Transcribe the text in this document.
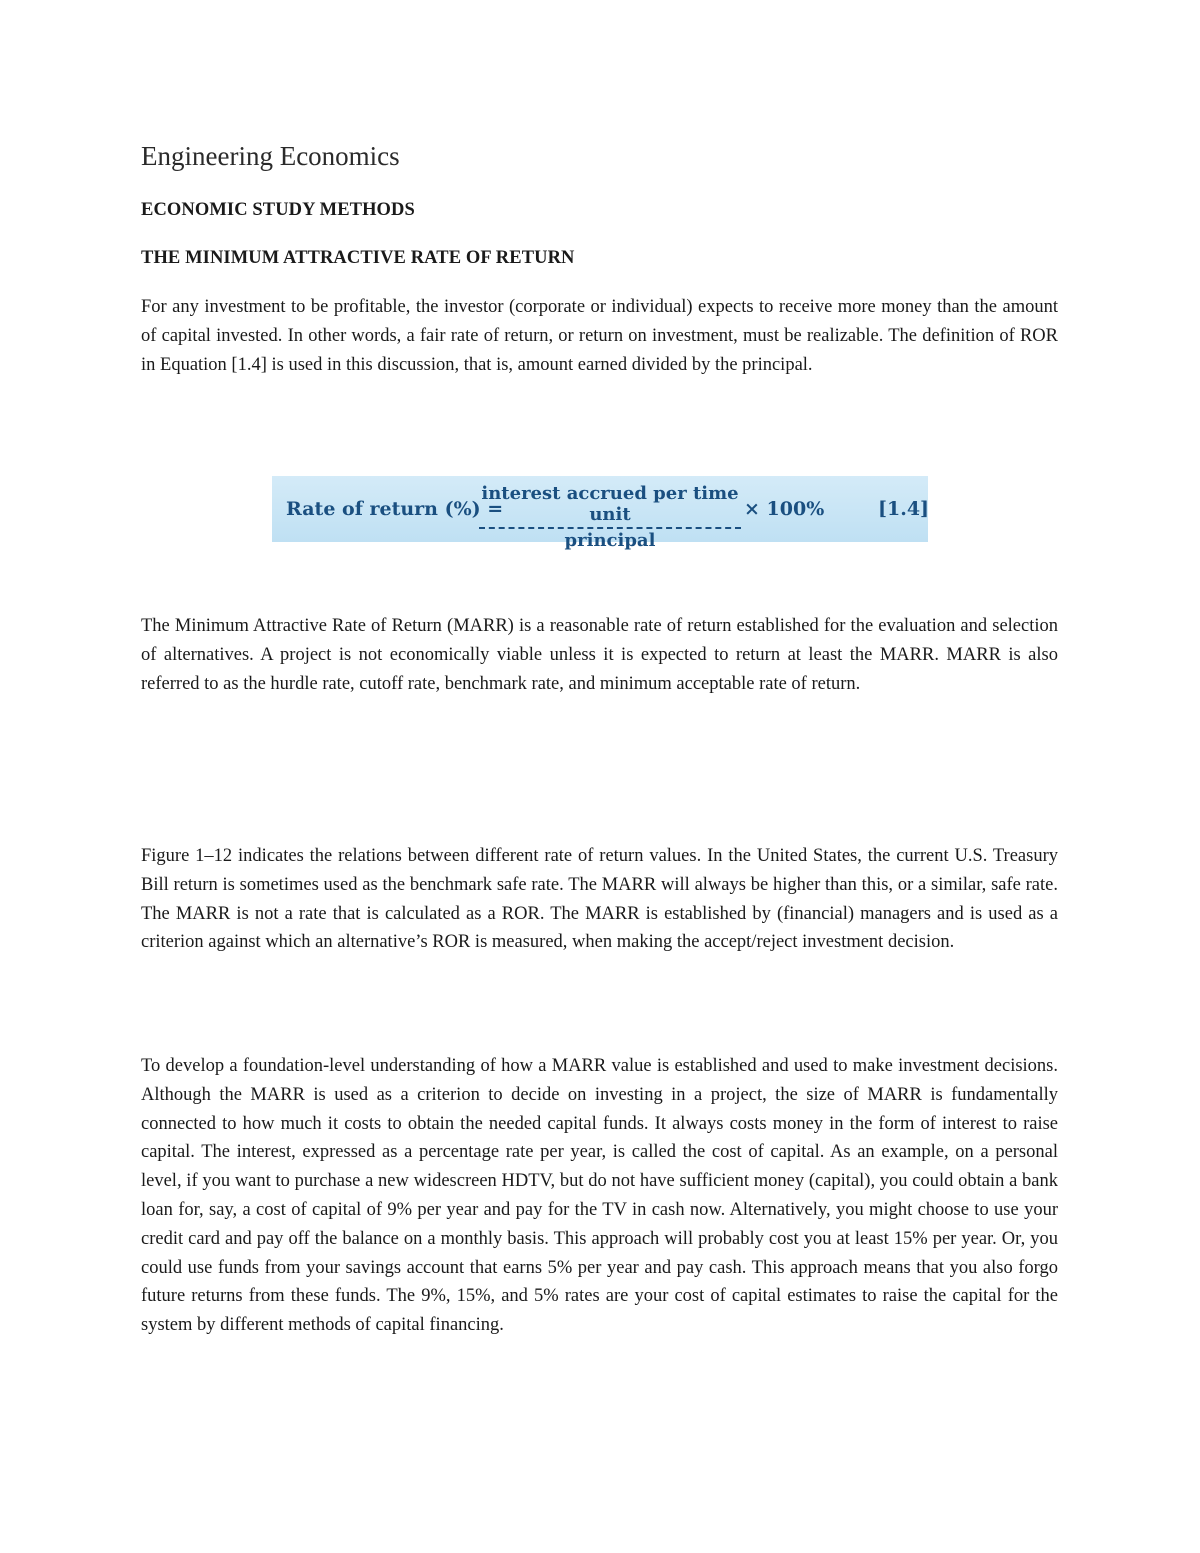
Engineering Economics
ECONOMIC STUDY METHODS
THE MINIMUM ATTRACTIVE RATE OF RETURN

For any investment to be profitable, the investor (corporate or individual) expects to receive more money than the amount of capital invested. In other words, a fair rate of return, or return on investment, must be realizable. The definition of ROR in Equation [1.4] is used in this discussion, that is, amount earned divided by the principal.

Rate of return (%) =
interest accrued per time unit
principal
× 100%	[1.4]

The Minimum Attractive Rate of Return (MARR) is a reasonable rate of return established for the evaluation and selection of alternatives. A project is not economically viable unless it is expected to return at least the MARR. MARR is also referred to as the hurdle rate, cutoff rate, benchmark rate, and minimum acceptable rate of return.

Figure 1–12 indicates the relations between different rate of return values. In the United States, the current U.S. Treasury Bill return is sometimes used as the benchmark safe rate. The MARR will always be higher than this, or a similar, safe rate. The MARR is not a rate that is calculated as a ROR. The MARR is established by (financial) managers and is used as a criterion against which an alternative’s ROR is measured, when making the accept/reject investment decision.

To develop a foundation-level understanding of how a MARR value is established and used to make investment decisions. Although the MARR is used as a criterion to decide on investing in a project, the size of MARR is fundamentally connected to how much it costs to obtain the needed capital funds. It always costs money in the form of interest to raise capital. The interest, expressed as a percentage rate per year, is called the cost of capital. As an example, on a personal level, if you want to purchase a new widescreen HDTV, but do not have sufficient money (capital), you could obtain a bank loan for, say, a cost of capital of 9% per year and pay for the TV in cash now. Alternatively, you might choose to use your credit card and pay off the balance on a monthly basis. This approach will probably cost you at least 15% per year. Or, you could use funds from your savings account that earns 5% per year and pay cash. This approach means that you also forgo future returns from these funds. The 9%, 15%, and 5% rates are your cost of capital estimates to raise the capital for the system by different methods of capital financing.
